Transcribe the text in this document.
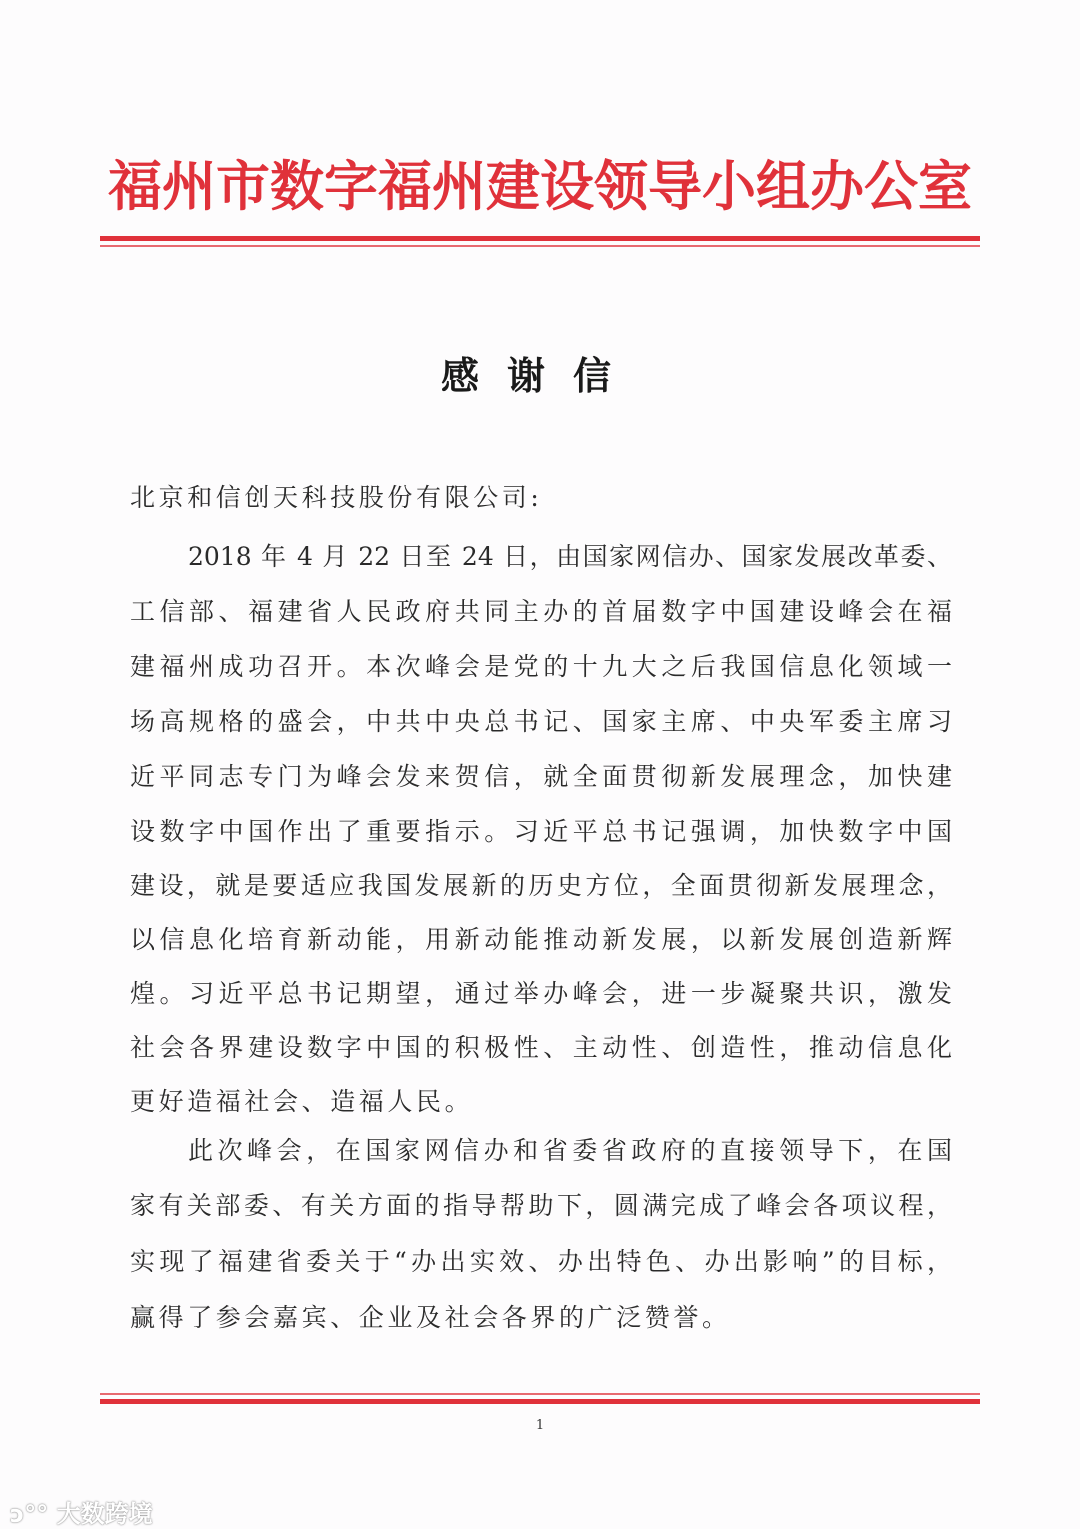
福州市数字福州建设领导小组办公室
感谢信
北京和信创天科技股份有限公司:
2018 年 4 月 22 日至 24 日，由国家网信办、国家发展改革委、
工信部、福建省人民政府共同主办的首届数字中国建设峰会在福
建福州成功召开。本次峰会是党的十九大之后我国信息化领域一
场高规格的盛会，中共中央总书记、国家主席、中央军委主席习
近平同志专门为峰会发来贺信，就全面贯彻新发展理念，加快建
设数字中国作出了重要指示。习近平总书记强调，加快数字中国
建设，就是要适应我国发展新的历史方位，全面贯彻新发展理念，
以信息化培育新动能，用新动能推动新发展，以新发展创造新辉
煌。习近平总书记期望，通过举办峰会，进一步凝聚共识，激发
社会各界建设数字中国的积极性、主动性、创造性，推动信息化
更好造福社会、造福人民。
此次峰会，在国家网信办和省委省政府的直接领导下，在国
家有关部委、有关方面的指导帮助下，圆满完成了峰会各项议程，
实现了福建省委关于“办出实效、办出特色、办出影响”的目标，
赢得了参会嘉宾、企业及社会各界的广泛赞誉。
1
ↄ°° 大数跨境
